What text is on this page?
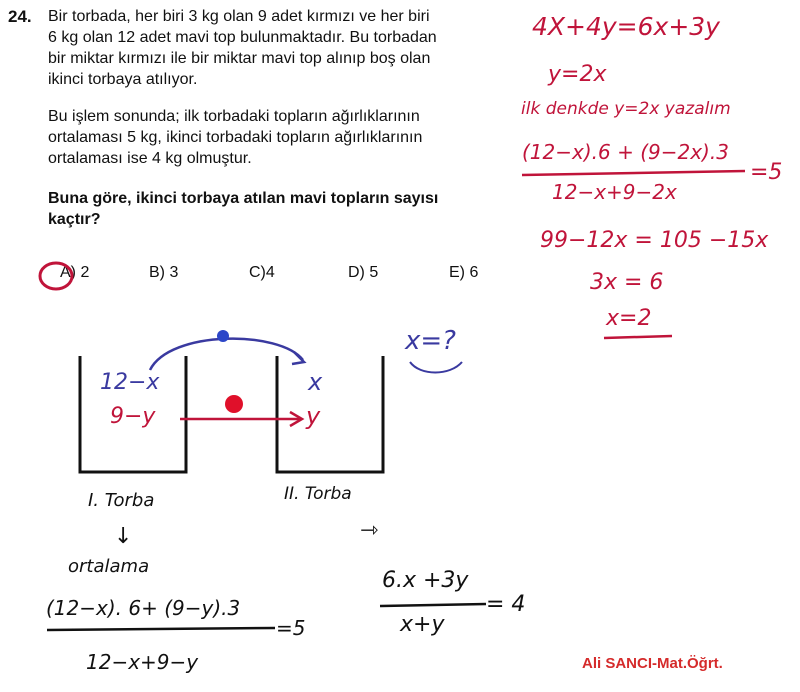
24. Bir torbada, her biri 3 kg olan 9 adet kırmızı ve her biri
6 kg olan 12 adet mavi top bulunmaktadır. Bu torbadan
bir miktar kırmızı ile bir miktar mavi top alınıp boş olan
ikinci torbaya atılıyor.
Bu işlem sonunda; ilk torbadaki topların ağırlıklarının
ortalaması 5 kg, ikinci torbadaki topların ağırlıklarının
ortalaması ise 4 kg olmuştur.
Buna göre, ikinci torbaya atılan mavi topların sayısı
kaçtır?
A) 2	B) 3	C)4	D) 5	E) 6
4X+4y=6x+3y
y=2x
ilk denkde y=2x yazalım
(12−x).6 + (9−2x).3
12−x+9−2x
=5
99−12x = 105 −15x
3x = 6
x=2
x=?
12−x
9−y
x
y
I. Torba	II. Torba
↓
ortalama
(12−x). 6+ (9−y).3
12−x+9−y
=5
⇾
6.x +3y
x+y
= 4
Ali SANCI-Mat.Öğrt.
